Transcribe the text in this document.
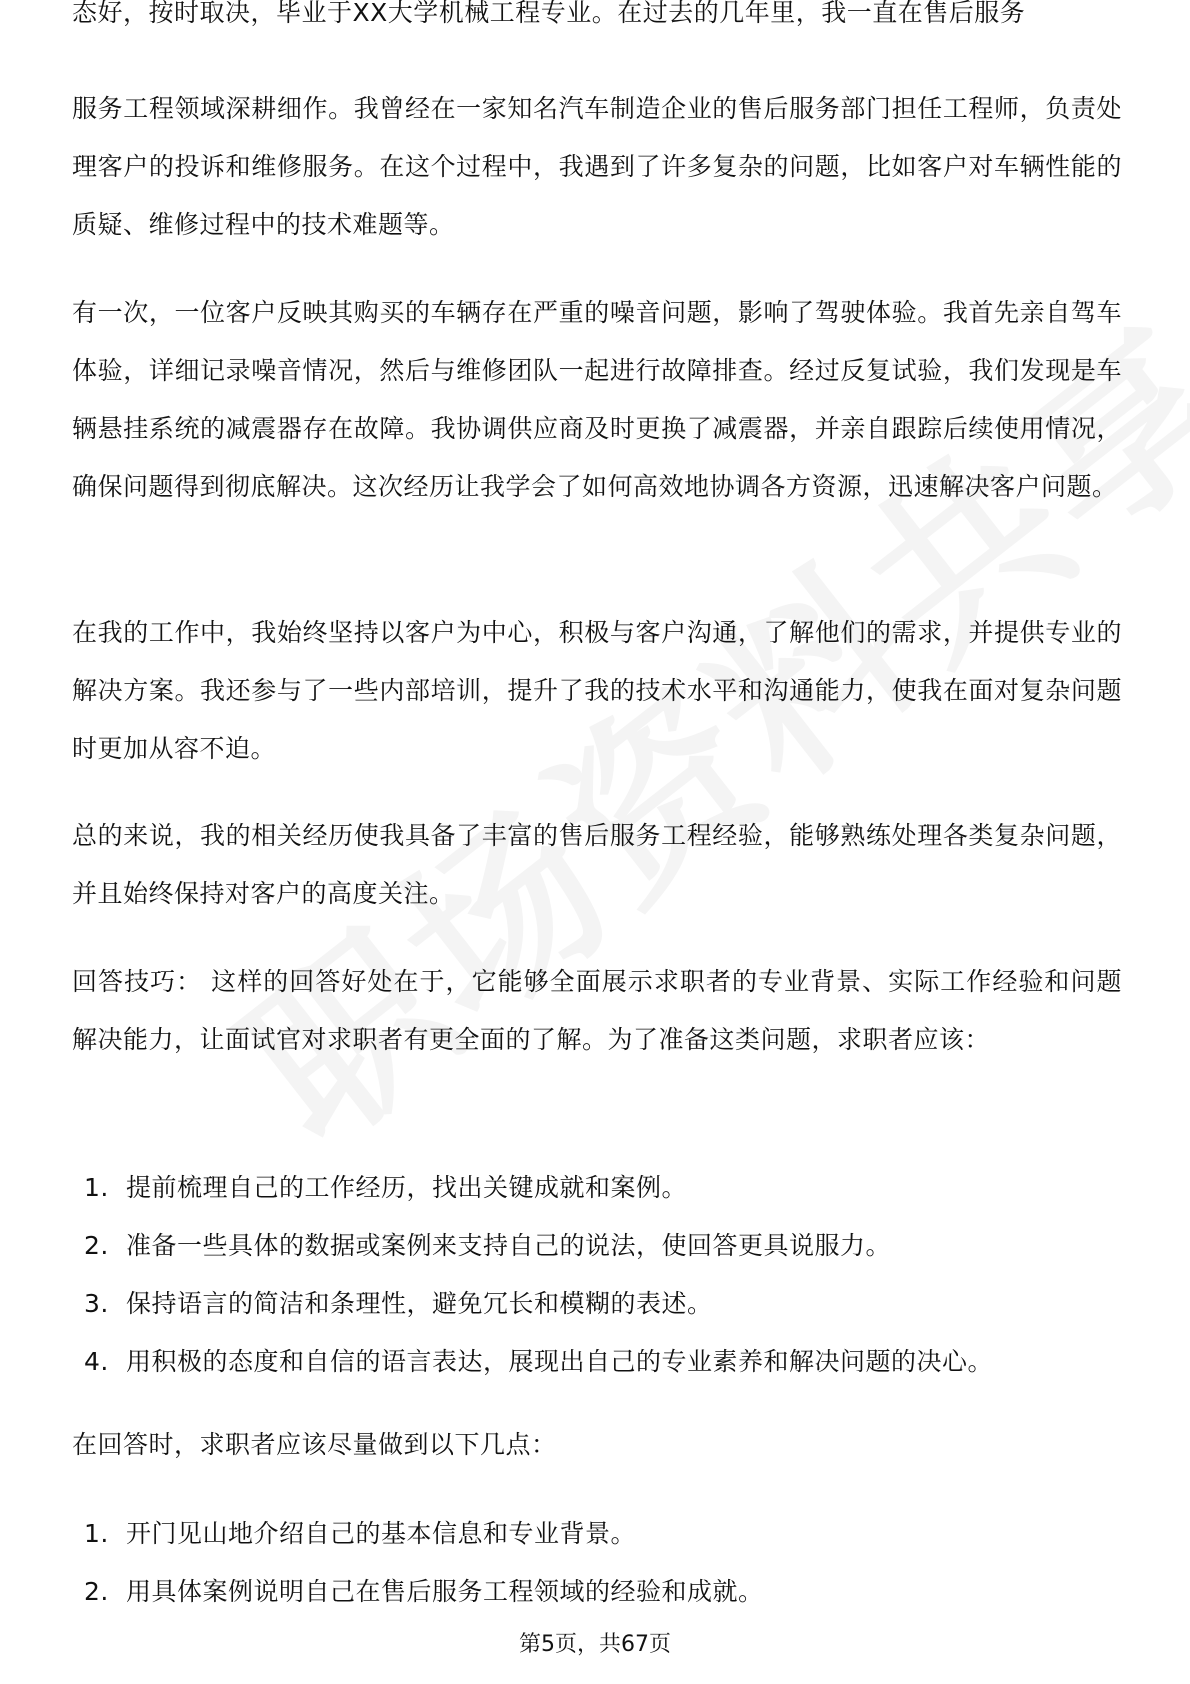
态好，按时取决，毕业于XX大学机械工程专业。在过去的几年里，我一直在售后服务

服务工程领域深耕细作。我曾经在一家知名汽车制造企业的售后服务部门担任工程师，负责处理客户的投诉和维修服务。在这个过程中，我遇到了许多复杂的问题，比如客户对车辆性能的质疑、维修过程中的技术难题等。

有一次，一位客户反映其购买的车辆存在严重的噪音问题，影响了驾驶体验。我首先亲自驾车体验，详细记录噪音情况，然后与维修团队一起进行故障排查。经过反复试验，我们发现是车辆悬挂系统的减震器存在故障。我协调供应商及时更换了减震器，并亲自跟踪后续使用情况，确保问题得到彻底解决。这次经历让我学会了如何高效地协调各方资源，迅速解决客户问题。

在我的工作中，我始终坚持以客户为中心，积极与客户沟通，了解他们的需求，并提供专业的解决方案。我还参与了一些内部培训，提升了我的技术水平和沟通能力，使我在面对复杂问题时更加从容不迫。

总的来说，我的相关经历使我具备了丰富的售后服务工程经验，能够熟练处理各类复杂问题，并且始终保持对客户的高度关注。

回答技巧： 这样的回答好处在于，它能够全面展示求职者的专业背景、实际工作经验和问题解决能力，让面试官对求职者有更全面的了解。为了准备这类问题，求职者应该：

1. 提前梳理自己的工作经历，找出关键成就和案例。
2. 准备一些具体的数据或案例来支持自己的说法，使回答更具说服力。
3. 保持语言的简洁和条理性，避免冗长和模糊的表述。
4. 用积极的态度和自信的语言表达，展现出自己的专业素养和解决问题的决心。

在回答时，求职者应该尽量做到以下几点：

1. 开门见山地介绍自己的基本信息和专业背景。
2. 用具体案例说明自己在售后服务工程领域的经验和成就。
第5页，共67页
